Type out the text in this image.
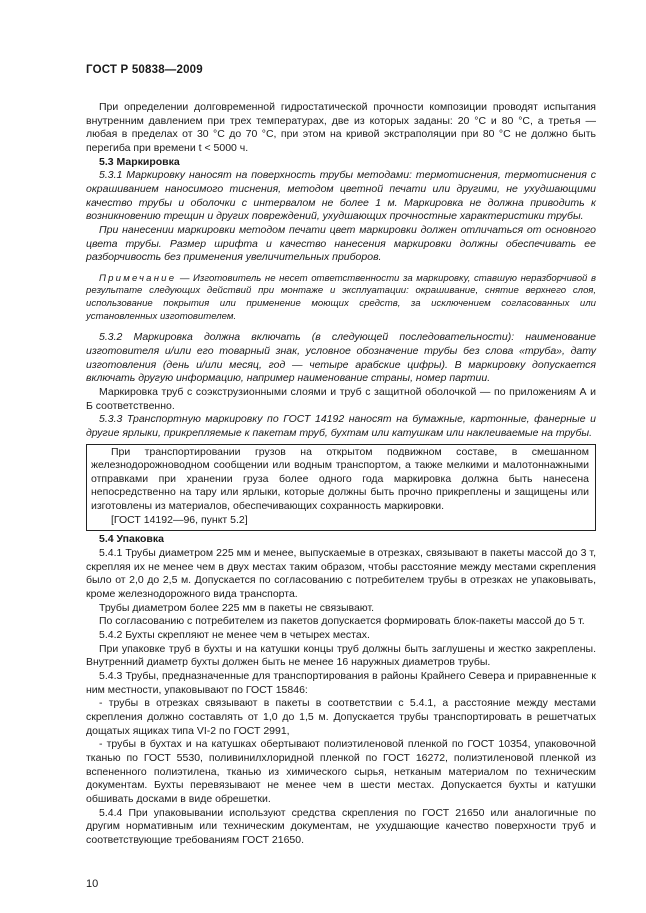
ГОСТ Р 50838—2009

При определении долговременной гидростатической прочности композиции проводят испытания внутренним давлением при трех температурах, две из которых заданы: 20 °С и 80 °С, а третья — любая в пределах от 30 °С до 70 °С, при этом на кривой экстраполяции при 80 °С не должно быть перегиба при времени t < 5000 ч.

5.3 Маркировка

5.3.1 Маркировку наносят на поверхность трубы методами: термотиснения, термотиснения с окрашиванием наносимого тиснения, методом цветной печати или другими, не ухудшающими качество трубы и оболочки с интервалом не более 1 м. Маркировка не должна приводить к возникновению трещин и других повреждений, ухудшающих прочностные характеристики трубы.

При нанесении маркировки методом печати цвет маркировки должен отличаться от основного цвета трубы. Размер шрифта и качество нанесения маркировки должны обеспечивать ее разборчивость без применения увеличительных приборов.

Примечание — Изготовитель не несет ответственности за маркировку, ставшую неразборчивой в результате следующих действий при монтаже и эксплуатации: окрашивание, снятие верхнего слоя, использование покрытия или применение моющих средств, за исключением согласованных или установленных изготовителем.

5.3.2 Маркировка должна включать (в следующей последовательности): наименование изготовителя и/или его товарный знак, условное обозначение трубы без слова «труба», дату изготовления (день и/или месяц, год — четыре арабские цифры). В маркировку допускается включать другую информацию, например наименование страны, номер партии.

Маркировка труб с соэкструзионными слоями и труб с защитной оболочкой — по приложениям А и Б соответственно.

5.3.3 Транспортную маркировку по ГОСТ 14192 наносят на бумажные, картонные, фанерные и другие ярлыки, прикрепляемые к пакетам труб, бухтам или катушкам или наклеиваемые на трубы.

При транспортировании грузов на открытом подвижном составе, в смешанном железнодорожноводном сообщении или водным транспортом, а также мелкими и малотоннажными отправками при хранении груза более одного года маркировка должна быть нанесена непосредственно на тару или ярлыки, которые должны быть прочно прикреплены и защищены или изготовлены из материалов, обеспечивающих сохранность маркировки.

[ГОСТ 14192—96, пункт 5.2]

5.4 Упаковка

5.4.1 Трубы диаметром 225 мм и менее, выпускаемые в отрезках, связывают в пакеты массой до 3 т, скрепляя их не менее чем в двух местах таким образом, чтобы расстояние между местами скрепления было от 2,0 до 2,5 м. Допускается по согласованию с потребителем трубы в отрезках не упаковывать, кроме железнодорожного вида транспорта.

Трубы диаметром более 225 мм в пакеты не связывают.

По согласованию с потребителем из пакетов допускается формировать блок-пакеты массой до 5 т.

5.4.2 Бухты скрепляют не менее чем в четырех местах.

При упаковке труб в бухты и на катушки концы труб должны быть заглушены и жестко закреплены. Внутренний диаметр бухты должен быть не менее 16 наружных диаметров трубы.

5.4.3 Трубы, предназначенные для транспортирования в районы Крайнего Севера и приравненные к ним местности, упаковывают по ГОСТ 15846:

- трубы в отрезках связывают в пакеты в соответствии с 5.4.1, а расстояние между местами скрепления должно составлять от 1,0 до 1,5 м. Допускается трубы транспортировать в решетчатых дощатых ящиках типа VI-2 по ГОСТ 2991,

- трубы в бухтах и на катушках обертывают полиэтиленовой пленкой по ГОСТ 10354, упаковочной тканью по ГОСТ 5530, поливинилхлоридной пленкой по ГОСТ 16272, полиэтиленовой пленкой из вспененного полиэтилена, тканью из химического сырья, нетканым материалом по техническим документам. Бухты перевязывают не менее чем в шести местах. Допускается бухты и катушки обшивать досками в виде обрешетки.

5.4.4 При упаковывании используют средства скрепления по ГОСТ 21650 или аналогичные по другим нормативным или техническим документам, не ухудшающие качество поверхности труб и соответствующие требованиям ГОСТ 21650.

10
